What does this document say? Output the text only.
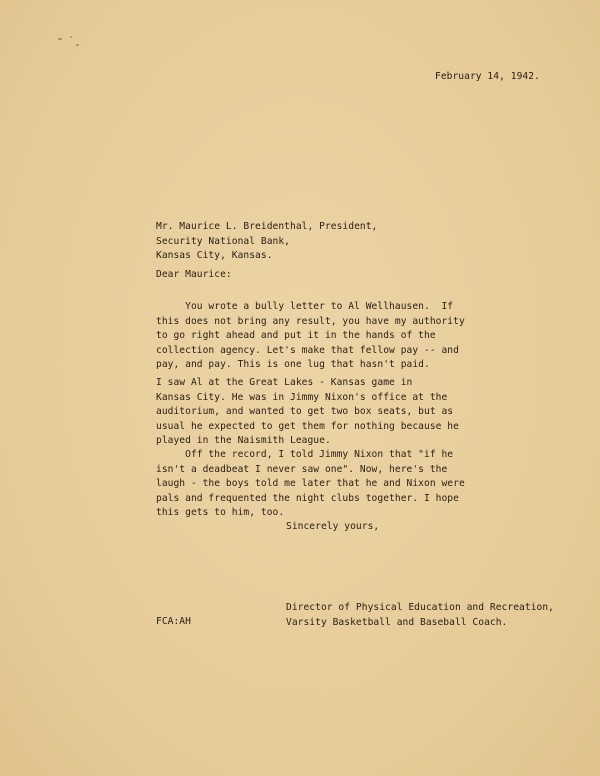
February 14, 1942.
Mr. Maurice L. Breidenthal, President,
Security National Bank,
Kansas City, Kansas.
Dear Maurice:
You wrote a bully letter to Al Wellhausen.  If
this does not bring any result, you have my authority
to go right ahead and put it in the hands of the
collection agency. Let's make that fellow pay -- and
pay, and pay. This is one lug that hasn't paid.
I saw Al at the Great Lakes - Kansas game in
Kansas City. He was in Jimmy Nixon's office at the
auditorium, and wanted to get two box seats, but as
usual he expected to get them for nothing because he
played in the Naismith League.
Off the record, I told Jimmy Nixon that "if he
isn't a deadbeat I never saw one". Now, here's the
laugh - the boys told me later that he and Nixon were
pals and frequented the night clubs together. I hope
this gets to him, too.
Sincerely yours,
Director of Physical Education and Recreation,
Varsity Basketball and Baseball Coach.
FCA:AH
